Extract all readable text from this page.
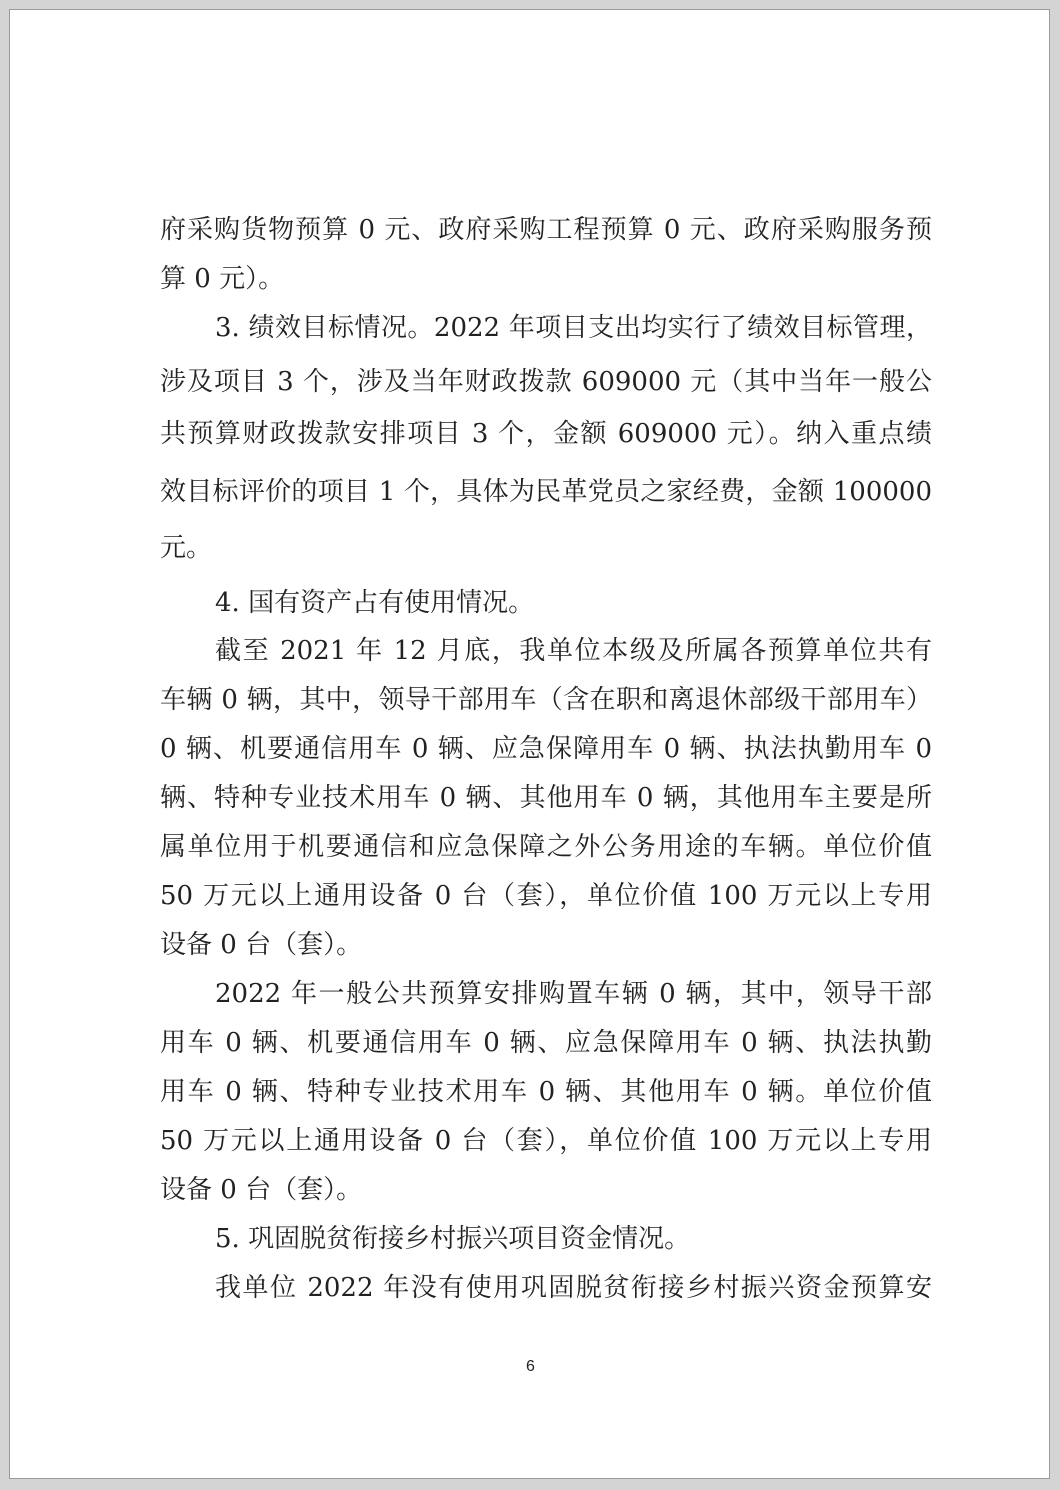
府采购货物预算 0 元、政府采购工程预算 0 元、政府采购服务预
算 0 元）。
3. 绩效目标情况。2022 年项目支出均实行了绩效目标管理，
涉及项目 3 个，涉及当年财政拨款 609000 元（其中当年一般公
共预算财政拨款安排项目 3 个，金额 609000 元）。纳入重点绩
效目标评价的项目 1 个，具体为民革党员之家经费，金额 100000
元。
4. 国有资产占有使用情况。
截至 2021 年 12 月底，我单位本级及所属各预算单位共有
车辆 0 辆，其中，领导干部用车（含在职和离退休部级干部用车）
0 辆、机要通信用车 0 辆、应急保障用车 0 辆、执法执勤用车 0
辆、特种专业技术用车 0 辆、其他用车 0 辆，其他用车主要是所
属单位用于机要通信和应急保障之外公务用途的车辆。单位价值
50 万元以上通用设备 0 台（套），单位价值 100 万元以上专用
设备 0 台（套）。
2022 年一般公共预算安排购置车辆 0 辆，其中，领导干部
用车 0 辆、机要通信用车 0 辆、应急保障用车 0 辆、执法执勤
用车 0 辆、特种专业技术用车 0 辆、其他用车 0 辆。单位价值
50 万元以上通用设备 0 台（套），单位价值 100 万元以上专用
设备 0 台（套）。
5. 巩固脱贫衔接乡村振兴项目资金情况。
我单位 2022 年没有使用巩固脱贫衔接乡村振兴资金预算安
6
